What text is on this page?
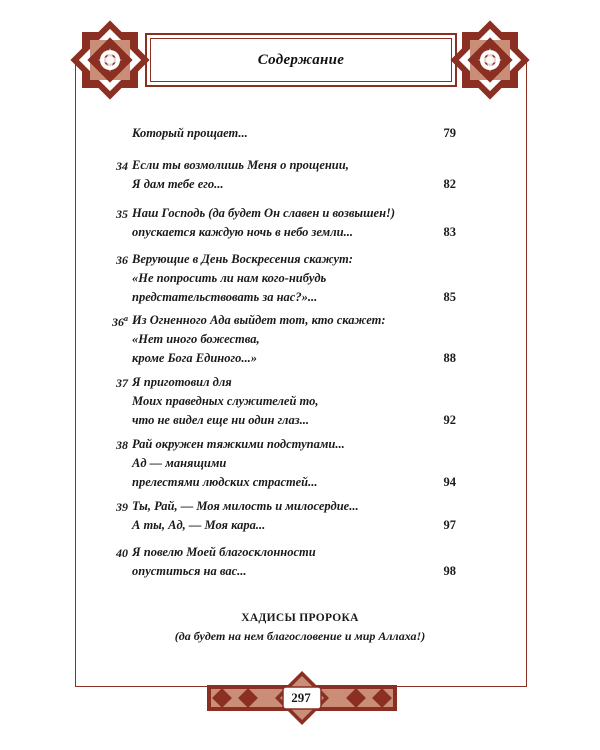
Содержание
Который прощает...	79
34 Если ты возмолишь Меня о прощении,
Я дам тебе его...	82
35 Наш Господь (да будет Он славен и возвышен!)
опускается каждую ночь в небо земли...	83
36 Верующие в День Воскресения скажут:
«Не попросить ли нам кого-нибудь
предстательствовать за нас?»...	85
36$^a$ Из Огненного Ада выйдет тот, кто скажет:
«Нет иного божества,
кроме Бога Единого...»	88
37 Я приготовил для
Моих праведных служителей то,
что не видел еще ни один глаз...	92
38 Рай окружен тяжкими подступами...
Ад — манящими
прелестями людских страстей...	94
39 Ты, Рай, — Моя милость и милосердие...
А ты, Ад, — Моя кара...	97
40 Я повелю Моей благосклонности
опуститься на вас...	98
ХАДИСЫ ПРОРОКА
(да будет на нем благословение и мир Аллаха!)
297
